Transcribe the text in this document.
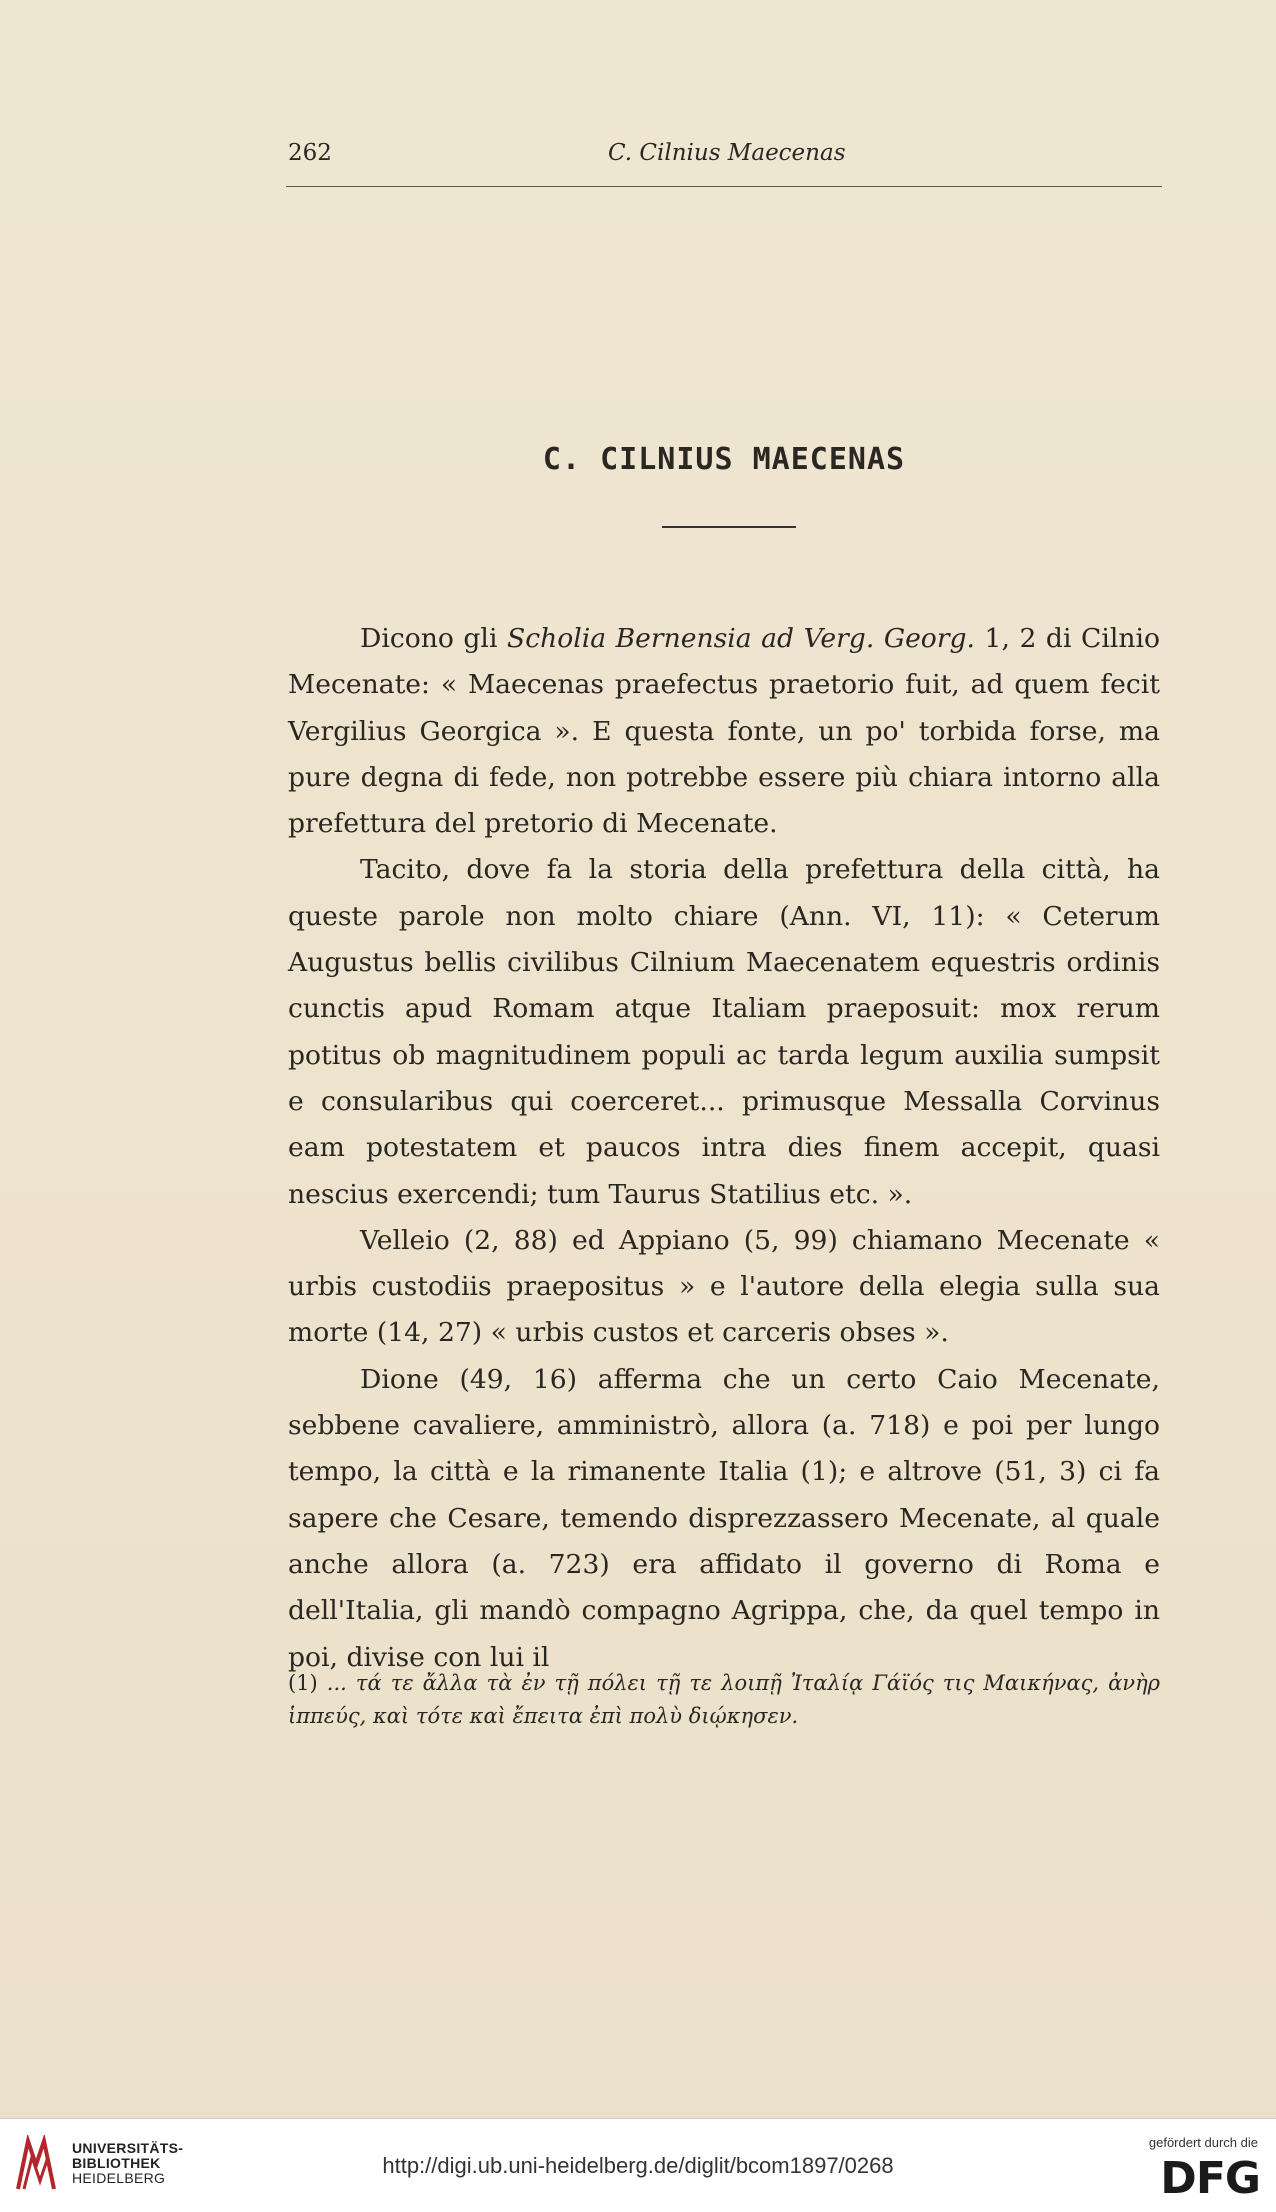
262	C. Cilnius Maecenas
C. CILNIUS MAECENAS

Dicono gli Scholia Bernensia ad Verg. Georg. 1, 2 di Cilnio Mecenate: « Maecenas praefectus praetorio fuit, ad quem fecit Vergilius Georgica ». E questa fonte, un po' torbida forse, ma pure degna di fede, non potrebbe essere più chiara intorno alla prefettura del pretorio di Mecenate.

Tacito, dove fa la storia della prefettura della città, ha queste parole non molto chiare (Ann. VI, 11): « Ceterum Augustus bellis civilibus Cilnium Maecenatem equestris ordinis cunctis apud Romam atque Italiam praeposuit: mox rerum potitus ob magnitudinem populi ac tarda legum auxilia sumpsit e consularibus qui coerceret... primusque Messalla Corvinus eam potestatem et paucos intra dies finem accepit, quasi nescius exercendi; tum Taurus Statilius etc. ».

Velleio (2, 88) ed Appiano (5, 99) chiamano Mecenate « urbis custodiis praepositus » e l'autore della elegia sulla sua morte (14, 27) « urbis custos et carceris obses ».

Dione (49, 16) afferma che un certo Caio Mecenate, sebbene cavaliere, amministrò, allora (a. 718) e poi per lungo tempo, la città e la rimanente Italia (1); e altrove (51, 3) ci fa sapere che Cesare, temendo disprezzassero Mecenate, al quale anche allora (a. 723) era affidato il governo di Roma e dell'Italia, gli mandò compagno Agrippa, che, da quel tempo in poi, divise con lui il

(1) ... τά τε ἄλλα τὰ ἐν τῇ πόλει τῇ τε λοιπῇ Ἰταλίᾳ Γάϊός τις Μαικήνας, ἀνὴρ ἱππεύς, καὶ τότε καὶ ἔπειτα ἐπὶ πολὺ διῴκησεν.
UNIVERSITÄTS-
BIBLIOTHEK
HEIDELBERG	http://digi.ub.uni-heidelberg.de/diglit/bcom1897/0268
gefördert durch die
DFG
